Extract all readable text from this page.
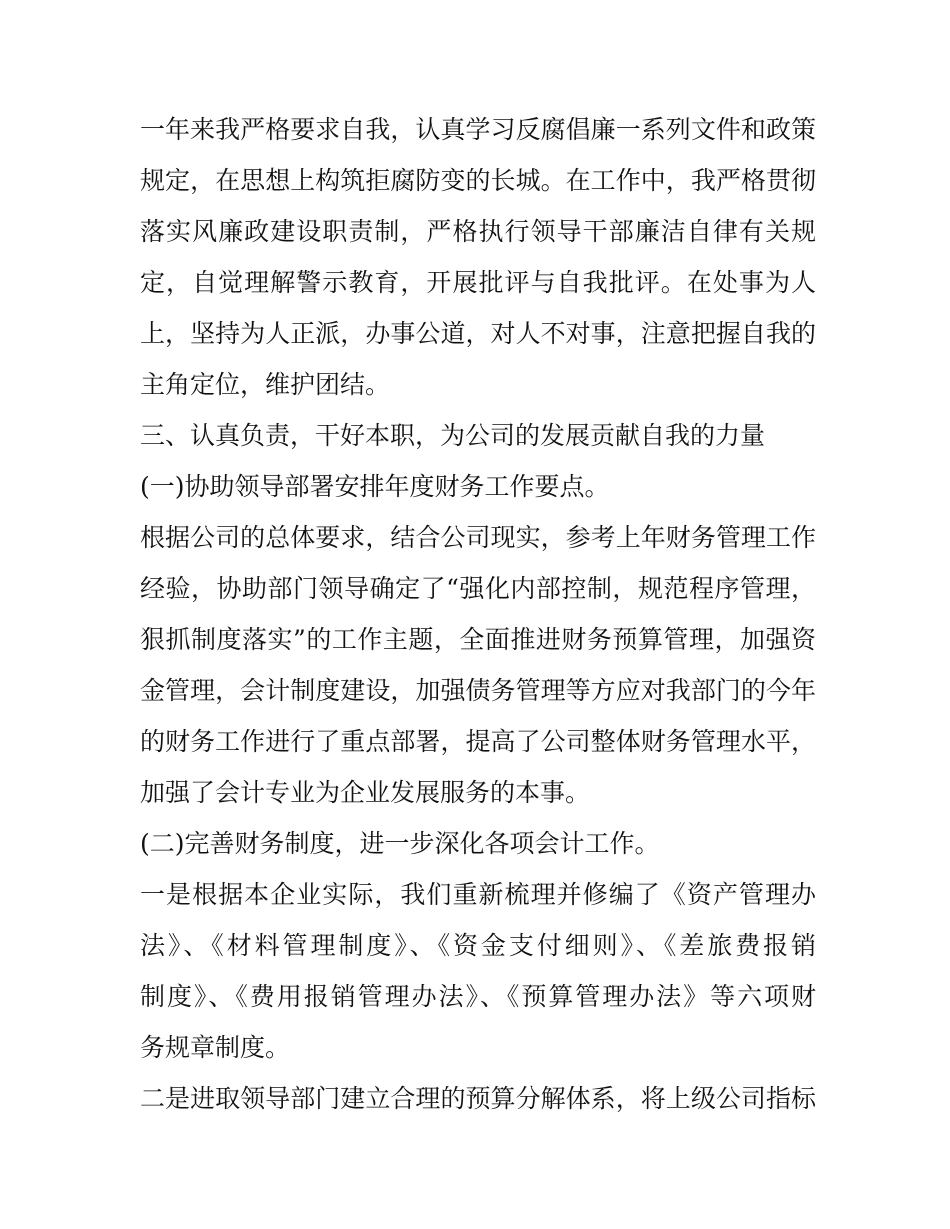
一年来我严格要求自我，认真学习反腐倡廉一系列文件和政策
规定，在思想上构筑拒腐防变的长城。在工作中，我严格贯彻
落实风廉政建设职责制，严格执行领导干部廉洁自律有关规
定，自觉理解警示教育，开展批评与自我批评。在处事为人
上，坚持为人正派，办事公道，对人不对事，注意把握自我的
主角定位，维护团结。
三、认真负责，干好本职，为公司的发展贡献自我的力量
(一)协助领导部署安排年度财务工作要点。
根据公司的总体要求，结合公司现实，参考上年财务管理工作
经验，协助部门领导确定了“强化内部控制，规范程序管理，
狠抓制度落实”的工作主题，全面推进财务预算管理，加强资
金管理，会计制度建设，加强债务管理等方应对我部门的今年
的财务工作进行了重点部署，提高了公司整体财务管理水平，
加强了会计专业为企业发展服务的本事。
(二)完善财务制度，进一步深化各项会计工作。
一是根据本企业实际，我们重新梳理并修编了《资产管理办
法》、《材料管理制度》、《资金支付细则》、《差旅费报销
制度》、《费用报销管理办法》、《预算管理办法》等六项财
务规章制度。
二是进取领导部门建立合理的预算分解体系，将上级公司指标
